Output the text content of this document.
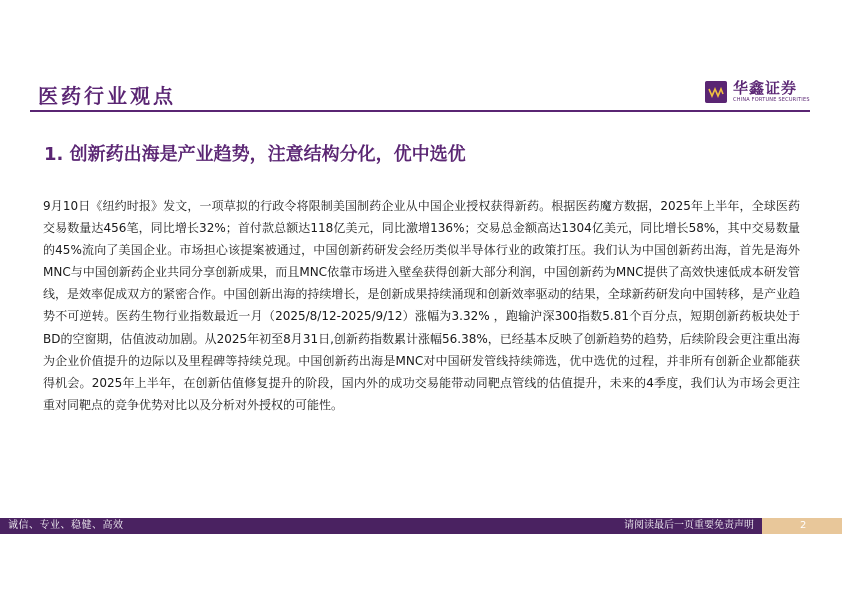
医药行业观点	华鑫证券
CHINA FORTUNE SECURITIES
1. 创新药出海是产业趋势，注意结构分化，优中选优
9月10日《纽约时报》发文，一项草拟的行政令将限制美国制药企业从中国企业授权获得新药。根据医药魔方数据，2025年上半年，全球医药交易数量达456笔，同比增长32%；首付款总额达118亿美元，同比激增136%；交易总金额高达1304亿美元，同比增长58%，其中交易数量的45%流向了美国企业。市场担心该提案被通过，中国创新药研发会经历类似半导体行业的政策打压。我们认为中国创新药出海，首先是海外MNC与中国创新药企业共同分享创新成果，而且MNC依靠市场进入壁垒获得创新大部分利润，中国创新药为MNC提供了高效快速低成本研发管线，是效率促成双方的紧密合作。中国创新出海的持续增长，是创新成果持续涌现和创新效率驱动的结果，全球新药研发向中国转移，是产业趋势不可逆转。医药生物行业指数最近一月（2025/8/12-2025/9/12）涨幅为3.32% ，跑输沪深300指数5.81个百分点，短期创新药板块处于BD的空窗期，估值波动加剧。从2025年初至8月31日,创新药指数累计涨幅56.38%，已经基本反映了创新趋势的趋势，后续阶段会更注重出海为企业价值提升的边际以及里程碑等持续兑现。中国创新药出海是MNC对中国研发管线持续筛选，优中选优的过程，并非所有创新企业都能获得机会。2025年上半年，在创新估值修复提升的阶段，国内外的成功交易能带动同靶点管线的估值提升，未来的4季度，我们认为市场会更注重对同靶点的竞争优势对比以及分析对外授权的可能性。
诚信、专业、稳健、高效	请阅读最后一页重要免责声明	2
